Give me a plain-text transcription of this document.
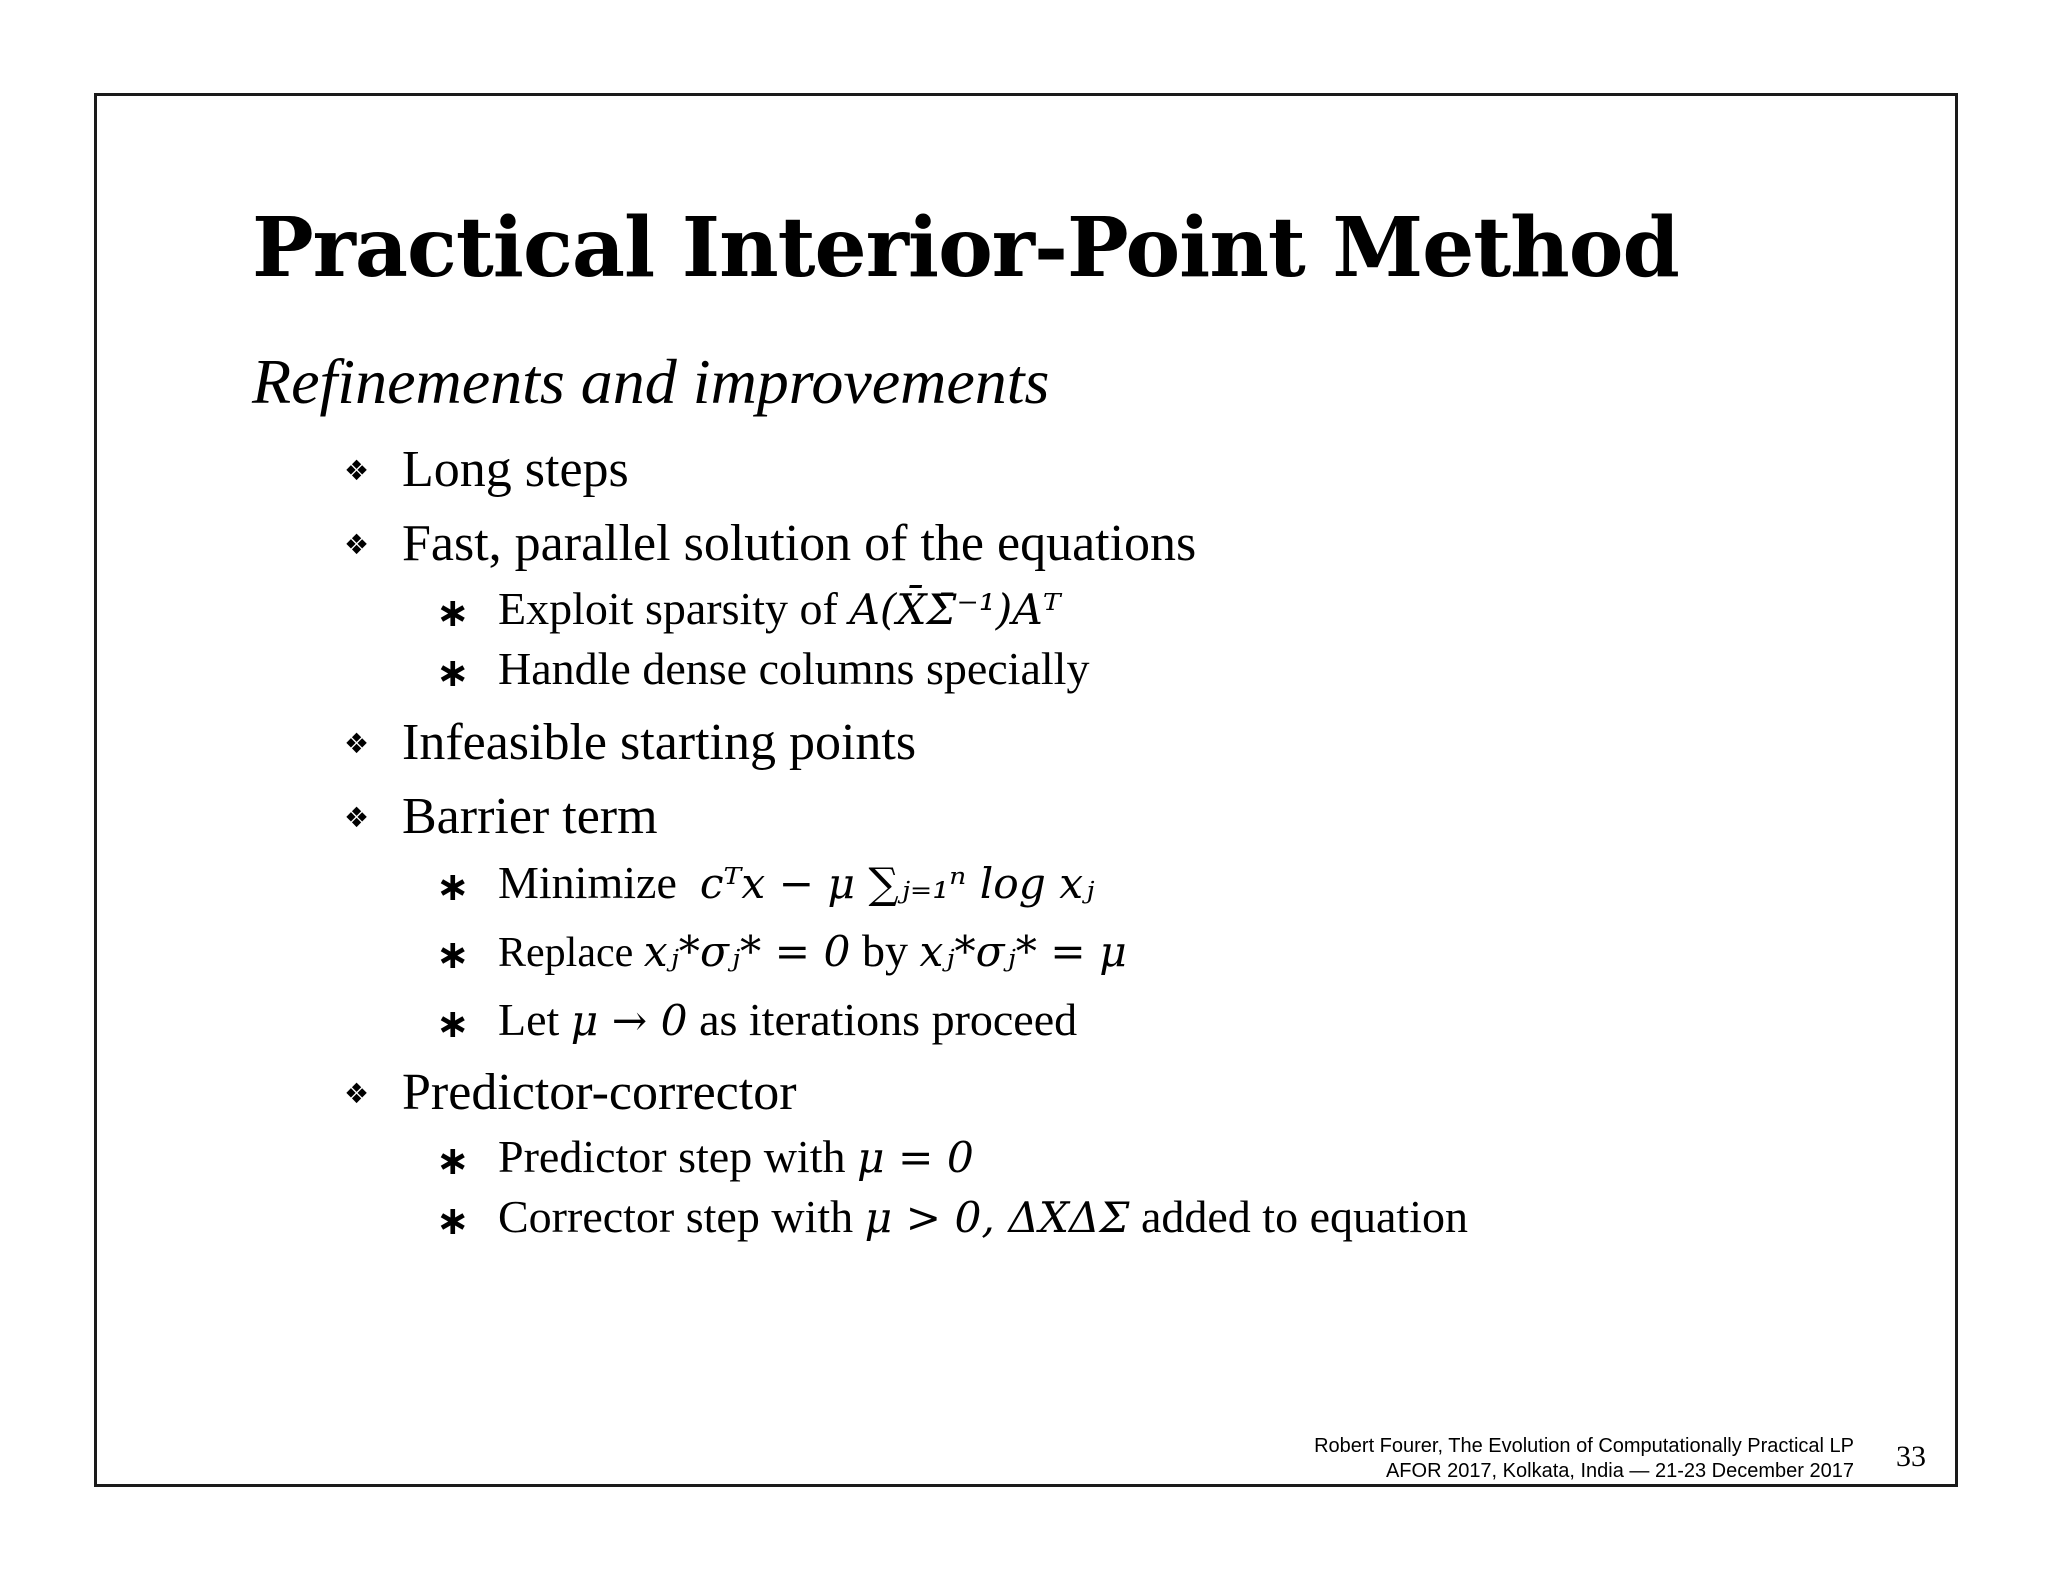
Practical Interior-Point Method
Refinements and improvements
❖ Long steps
❖ Fast, parallel solution of the equations
∗ Exploit sparsity of A(X̄Σ̄⁻¹)Aᵀ
∗ Handle dense columns specially
❖ Infeasible starting points
❖ Barrier term
∗ Minimize  cᵀx − μ ∑ⱼ₌₁ⁿ log xⱼ
∗ Replace xⱼ*σⱼ* = 0 by xⱼ*σⱼ* = μ
∗ Let μ → 0 as iterations proceed
❖ Predictor-corrector
∗ Predictor step with μ = 0
∗ Corrector step with μ > 0, ΔXΔΣ added to equation
Robert Fourer, The Evolution of Computationally Practical LP
AFOR 2017, Kolkata, India — 21-23 December 2017 33
